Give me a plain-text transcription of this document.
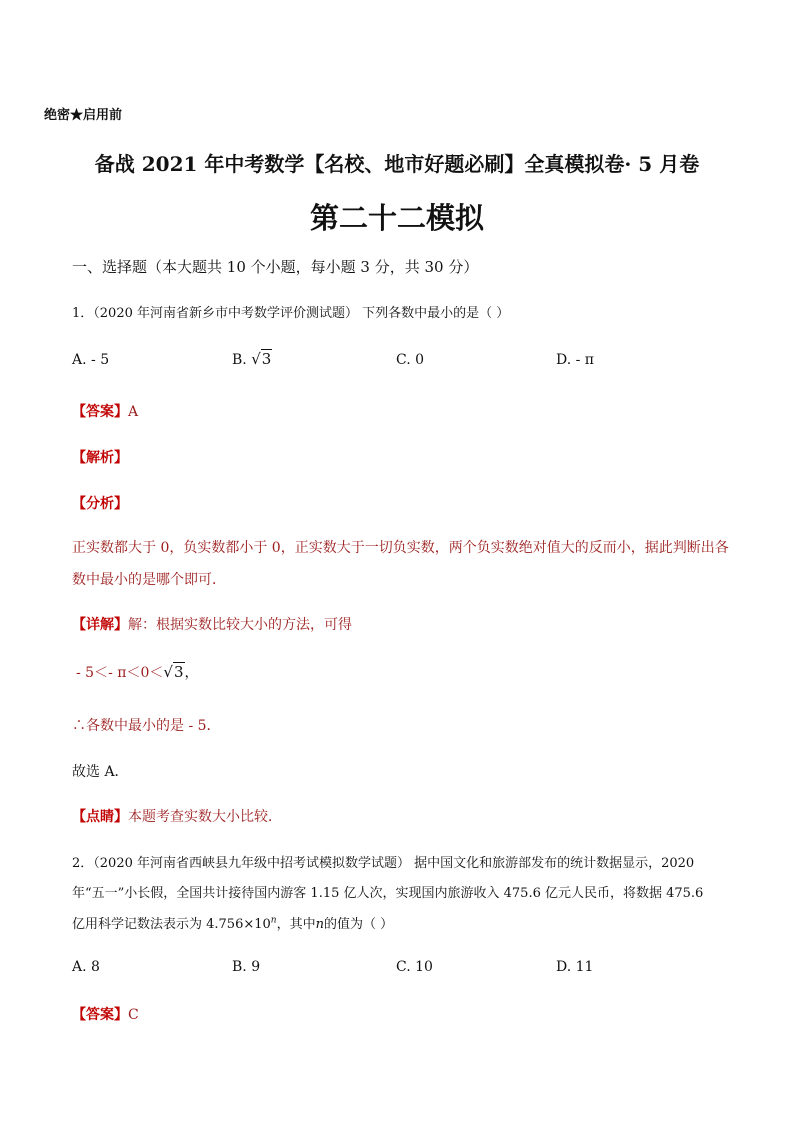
绝密★启用前
备战 2021 年中考数学【名校、地市好题必刷】全真模拟卷· 5 月卷
第二十二模拟
一、选择题（本大题共 10 个小题，每小题 3 分，共 30 分）
1．（2020 年河南省新乡市中考数学评价测试题） 下列各数中最小的是（ ）
A. - 5	B. √3	C. 0	D. - π
【答案】A
【解析】
【分析】
正实数都大于 0，负实数都小于 0，正实数大于一切负实数，两个负实数绝对值大的反而小，据此判断出各
数中最小的是哪个即可．
【详解】解：根据实数比较大小的方法，可得
- 5＜- π＜0＜√3，
∴各数中最小的是 - 5．
故选 A．
【点睛】本题考查实数大小比较．
2．（2020 年河南省西峡县九年级中招考试模拟数学试题） 据中国文化和旅游部发布的统计数据显示，2020
年“五一”小长假，全国共计接待国内游客 1.15 亿人次，实现国内旅游收入 475.6 亿元人民币，将数据 475.6
亿用科学记数法表示为 $4.756\times 10^n$，其中n的值为（ ）
A. 8	B. 9	C. 10	D. 11
【答案】C
